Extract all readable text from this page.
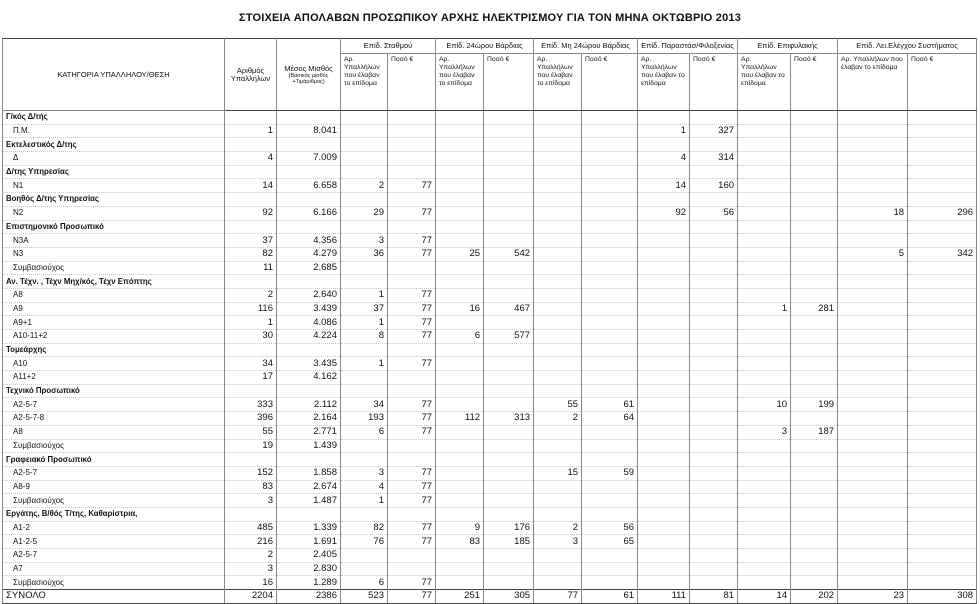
ΣΤΟΙΧΕΙΑ ΑΠΟΛΑΒΩΝ ΠΡΟΣΩΠΙΚΟΥ ΑΡΧΗΣ ΗΛΕΚΤΡΙΣΜΟΥ ΓΙΑ ΤΟΝ ΜΗΝΑ ΟΚΤΩΒΡΙΟ 2013
ΚΑΤΗΓΟΡΙΑ ΥΠΑΛΛΗΛΟΥ/ΘΕΣΗ	Αριθμός Υπαλλήλων	Μέσος Μισθός
(Βασικός μισθός +Τιμάριθμος)	Επίδ. Σταθμού		Επίδ. 24ώρου Βάρδιας		Επίδ. Μη 24ώρου Βάρδιας		Επίδ. Παραστάσ/Φιλοξενίας		Επίδ. Επιφυλακής		Επίδ. Λει.Ελέγχου Συστήματος	
			Αρ. Υπαλλήλων που έλαβαν το επίδομα	Ποσό €	Αρ. Υπαλλήλων που έλαβαν το επίδομα	Ποσό €	Αρ. Υπαλλήλων που έλαβαν το επίδομα	Ποσό €	Αρ. Υπαλλήλων που έλαβαν το επίδομα	Ποσό €	Αρ. Υπαλλήλων που έλαβαν το επίδομα	Ποσό €	Αρ. Υπαλλήλων που έλαβαν το επίδομα	Ποσό €
Γ/κός Δ/τής														
Π.Μ.	1	8.041							1	327				
Εκτελεστικός Δ/της														
Δ	4	7.009							4	314				
Δ/της Υπηρεσίας														
Ν1	14	6.658	2	77					14	160				
Βοηθός Δ/της Υπηρεσίας														
Ν2	92	6.166	29	77					92	56			18	296
Επιστημονικό Προσωπικό														
Ν3Α	37	4.356	3	77										
Ν3	82	4.279	36	77	25	542							5	342
Συμβασιούχος	11	2.685												
Αν. Τέχν. , Τέχν Μηχ/κός, Τέχν Επόπτης														
Α8	2	2.640	1	77										
Α9	116	3.439	37	77	16	467					1	281		
Α9+1	1	4.086	1	77										
Α10-11+2	30	4.224	8	77	6	577								
Τομεάρχης														
Α10	34	3.435	1	77										
Α11+2	17	4.162												
Τεχνικό Προσωπικό														
Α2-5-7	333	2.112	34	77			55	61			10	199		
Α2-5-7-8	396	2.164	193	77	112	313	2	64						
Α8	55	2.771	6	77							3	187		
Συμβασιούχος	19	1.439												
Γραφειακό Προσωπικό														
Α2-5-7	152	1.858	3	77			15	59						
Α8-9	83	2.674	4	77										
Συμβασιούχος	3	1.487	1	77										
Εργάτης, Β/θός Τ/της, Καθαρίστρια,														
Α1-2	485	1.339	82	77	9	176	2	56						
Α1-2-5	216	1.691	76	77	83	185	3	65						
Α2-5-7	2	2.405												
Α7	3	2.830												
Συμβασιούχος	16	1.289	6	77										
ΣΥΝΟΛΟ	2204	2386	523	77	251	305	77	61	111	81	14	202	23	308
